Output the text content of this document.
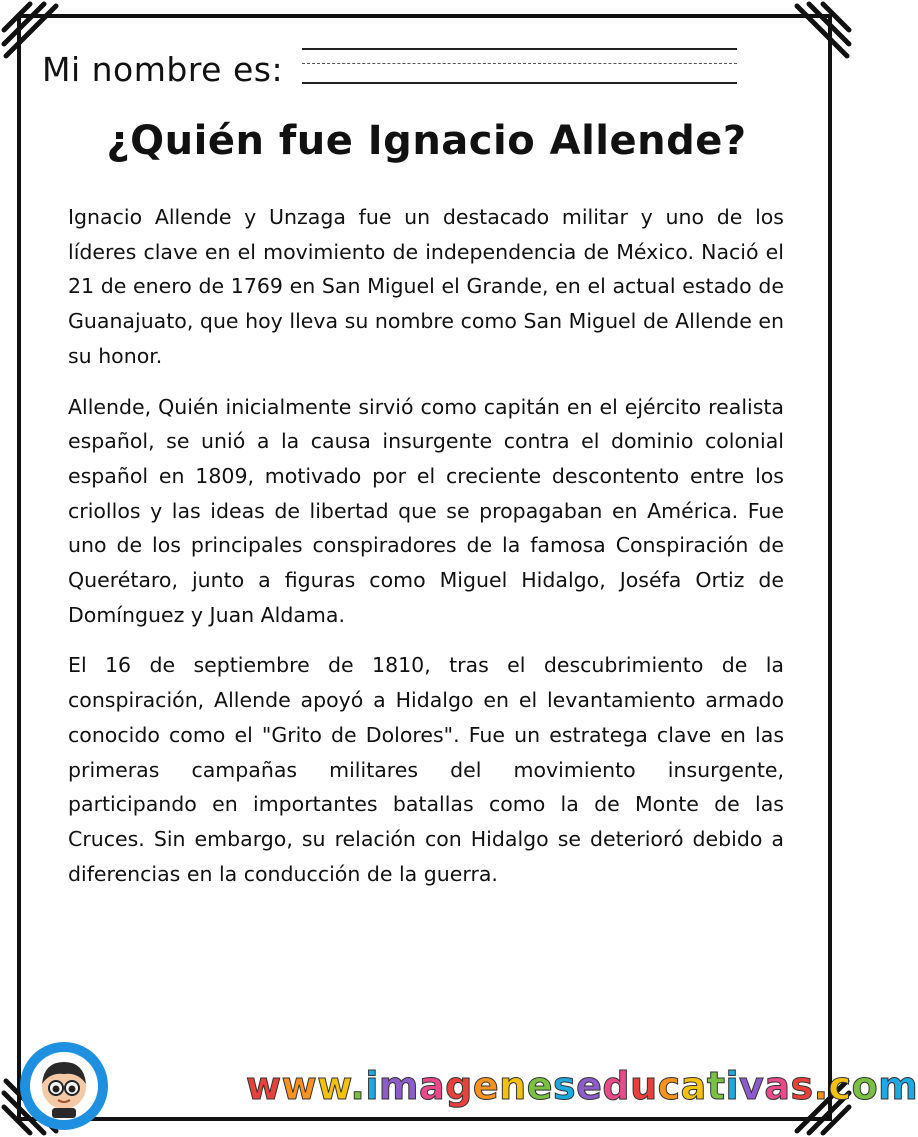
Mi nombre es:
¿Quién fue Ignacio Allende?

Ignacio Allende y Unzaga fue un destacado militar y uno de los líderes clave en el movimiento de independencia de México. Nació el 21 de enero de 1769 en San Miguel el Grande, en el actual estado de Guanajuato, que hoy lleva su nombre como San Miguel de Allende en su honor.

Allende, Quién inicialmente sirvió como capitán en el ejército realista español, se unió a la causa insurgente contra el dominio colonial español en 1809, motivado por el creciente descontento entre los criollos y las ideas de libertad que se propagaban en América. Fue uno de los principales conspiradores de la famosa Conspiración de Querétaro, junto a figuras como Miguel Hidalgo, Joséfa Ortiz de Domínguez y Juan Aldama.

El 16 de septiembre de 1810, tras el descubrimiento de la conspiración, Allende apoyó a Hidalgo en el levantamiento armado conocido como el "Grito de Dolores". Fue un estratega clave en las primeras campañas militares del movimiento insurgente, participando en importantes batallas como la de Monte de las Cruces. Sin embargo, su relación con Hidalgo se deterioró debido a diferencias en la conducción de la guerra.

www.imageneseducativas.com
